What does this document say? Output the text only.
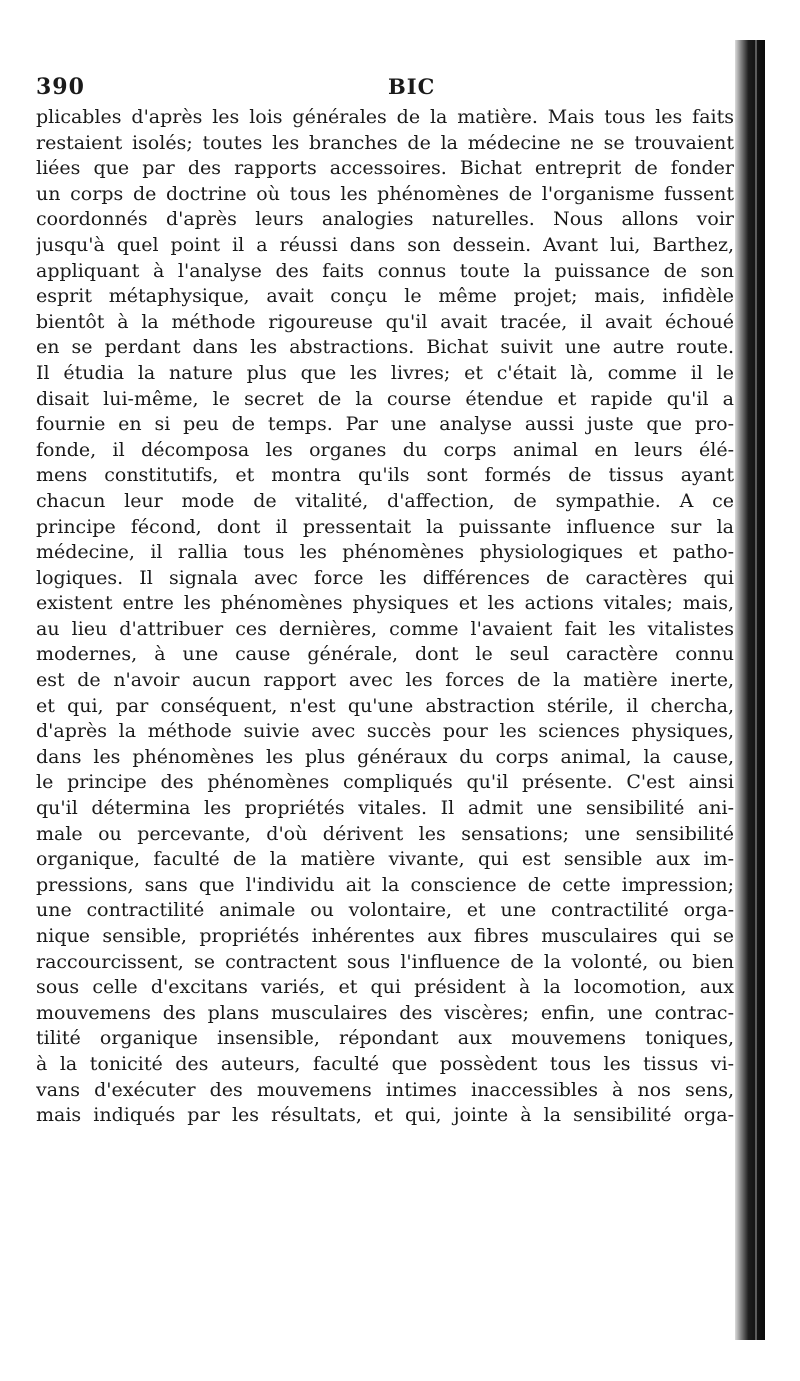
390	BIC
plicables d'après les lois générales de la matière. Mais tous les faits
restaient isolés; toutes les branches de la médecine ne se trouvaient
liées que par des rapports accessoires. Bichat entreprit de fonder
un corps de doctrine où tous les phénomènes de l'organisme fussent
coordonnés d'après leurs analogies naturelles. Nous allons voir
jusqu'à quel point il a réussi dans son dessein. Avant lui, Barthez,
appliquant à l'analyse des faits connus toute la puissance de son
esprit métaphysique, avait conçu le même projet; mais, infidèle
bientôt à la méthode rigoureuse qu'il avait tracée, il avait échoué
en se perdant dans les abstractions. Bichat suivit une autre route.
Il étudia la nature plus que les livres; et c'était là, comme il le
disait lui-même, le secret de la course étendue et rapide qu'il a
fournie en si peu de temps. Par une analyse aussi juste que pro-
fonde, il décomposa les organes du corps animal en leurs élé-
mens constitutifs, et montra qu'ils sont formés de tissus ayant
chacun leur mode de vitalité, d'affection, de sympathie. A ce
principe fécond, dont il pressentait la puissante influence sur la
médecine, il rallia tous les phénomènes physiologiques et patho-
logiques. Il signala avec force les différences de caractères qui
existent entre les phénomènes physiques et les actions vitales; mais,
au lieu d'attribuer ces dernières, comme l'avaient fait les vitalistes
modernes, à une cause générale, dont le seul caractère connu
est de n'avoir aucun rapport avec les forces de la matière inerte,
et qui, par conséquent, n'est qu'une abstraction stérile, il chercha,
d'après la méthode suivie avec succès pour les sciences physiques,
dans les phénomènes les plus généraux du corps animal, la cause,
le principe des phénomènes compliqués qu'il présente. C'est ainsi
qu'il détermina les propriétés vitales. Il admit une sensibilité ani-
male ou percevante, d'où dérivent les sensations; une sensibilité
organique, faculté de la matière vivante, qui est sensible aux im-
pressions, sans que l'individu ait la conscience de cette impression;
une contractilité animale ou volontaire, et une contractilité orga-
nique sensible, propriétés inhérentes aux fibres musculaires qui se
raccourcissent, se contractent sous l'influence de la volonté, ou bien
sous celle d'excitans variés, et qui président à la locomotion, aux
mouvemens des plans musculaires des viscères; enfin, une contrac-
tilité organique insensible, répondant aux mouvemens toniques,
à la tonicité des auteurs, faculté que possèdent tous les tissus vi-
vans d'exécuter des mouvemens intimes inaccessibles à nos sens,
mais indiqués par les résultats, et qui, jointe à la sensibilité orga-
